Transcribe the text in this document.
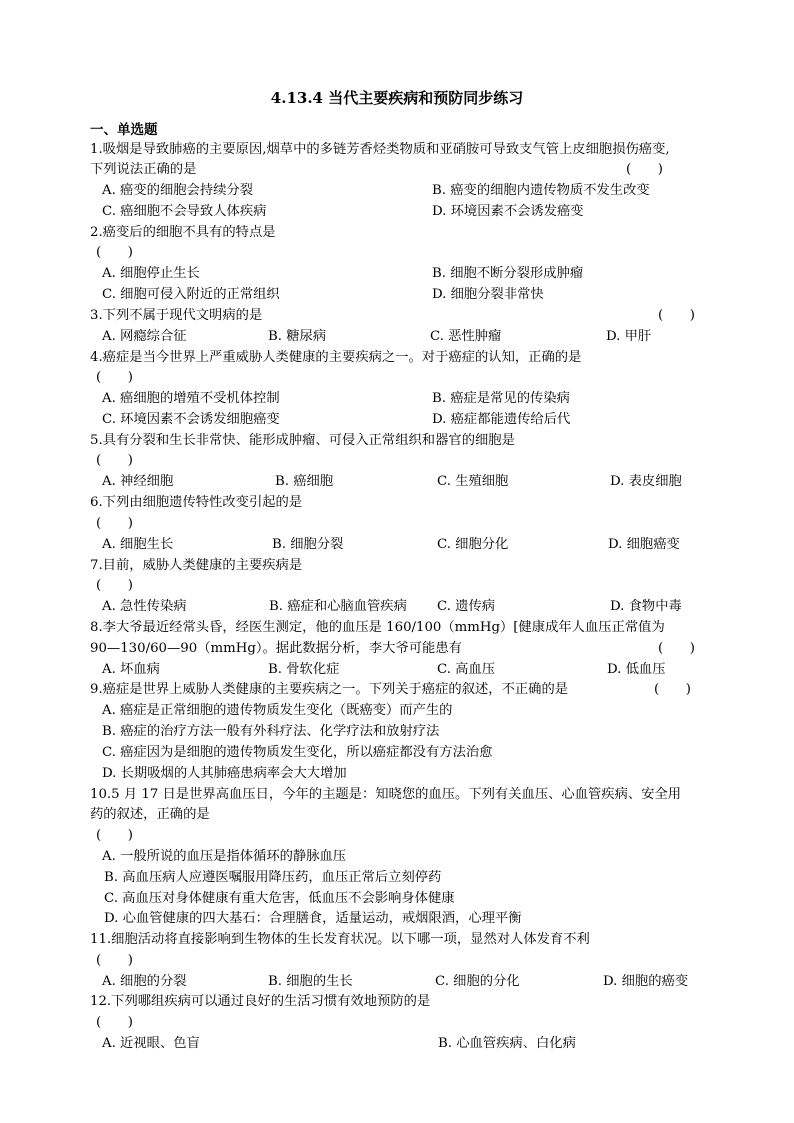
4.13.4 当代主要疾病和预防同步练习
一、单选题
1.吸烟是导致肺癌的主要原因,烟草中的多链芳香烃类物质和亚硝胺可导致支气管上皮细胞损伤癌变,
下列说法正确的是	(　　)
A. 癌变的细胞会持续分裂	B. 癌变的细胞内遗传物质不发生改变
C. 癌细胞不会导致人体疾病	D. 环境因素不会诱发癌变
2.癌变后的细胞不具有的特点是
(　　)
A. 细胞停止生长	B. 细胞不断分裂形成肿瘤
C. 细胞可侵入附近的正常组织	D. 细胞分裂非常快
3.下列不属于现代文明病的是	(　　)
A. 网瘾综合征	B. 糖尿病	C. 恶性肿瘤	D. 甲肝
4.癌症是当今世界上严重威胁人类健康的主要疾病之一。对于癌症的认知，正确的是
(　　)
A. 癌细胞的增殖不受机体控制	B. 癌症是常见的传染病
C. 环境因素不会诱发细胞癌变	D. 癌症都能遗传给后代
5.具有分裂和生长非常快、能形成肿瘤、可侵入正常组织和器官的细胞是
(　　)
A. 神经细胞	B. 癌细胞	C. 生殖细胞	D. 表皮细胞
6.下列由细胞遗传特性改变引起的是
(　　)
A. 细胞生长	B. 细胞分裂	C. 细胞分化	D. 细胞癌变
7.目前，威胁人类健康的主要疾病是
(　　)
A. 急性传染病	B. 癌症和心脑血管疾病 C. 遗传病	D. 食物中毒
8.李大爷最近经常头昏，经医生测定，他的血压是 160/100（mmHg）[健康成年人血压正常值为
90—130/60—90（mmHg）。据此数据分析，李大爷可能患有	(　　)
A. 坏血病	B. 骨软化症	C. 高血压	D. 低血压
9.癌症是世界上威胁人类健康的主要疾病之一。下列关于癌症的叙述，不正确的是	(　　)
A. 癌症是正常细胞的遗传物质发生变化（既癌变）而产生的
B. 癌症的治疗方法一般有外科疗法、化学疗法和放射疗法
C. 癌症因为是细胞的遗传物质发生变化，所以癌症都没有方法治愈
D. 长期吸烟的人其肺癌患病率会大大增加
10.5 月 17 日是世界高血压日，今年的主题是：知晓您的血压。下列有关血压、心血管疾病、安全用
药的叙述，正确的是
(　　)
A. 一般所说的血压是指体循环的静脉血压
B. 高血压病人应遵医嘱服用降压药，血压正常后立刻停药
C. 高血压对身体健康有重大危害，低血压不会影响身体健康
D. 心血管健康的四大基石：合理膳食，适量运动，戒烟限酒，心理平衡
11.细胞活动将直接影响到生物体的生长发育状况。以下哪一项，显然对人体发育不利
(　　)
A. 细胞的分裂	B. 细胞的生长	C. 细胞的分化	D. 细胞的癌变
12.下列哪组疾病可以通过良好的生活习惯有效地预防的是
(　　)
A. 近视眼、色盲	B. 心血管疾病、白化病
